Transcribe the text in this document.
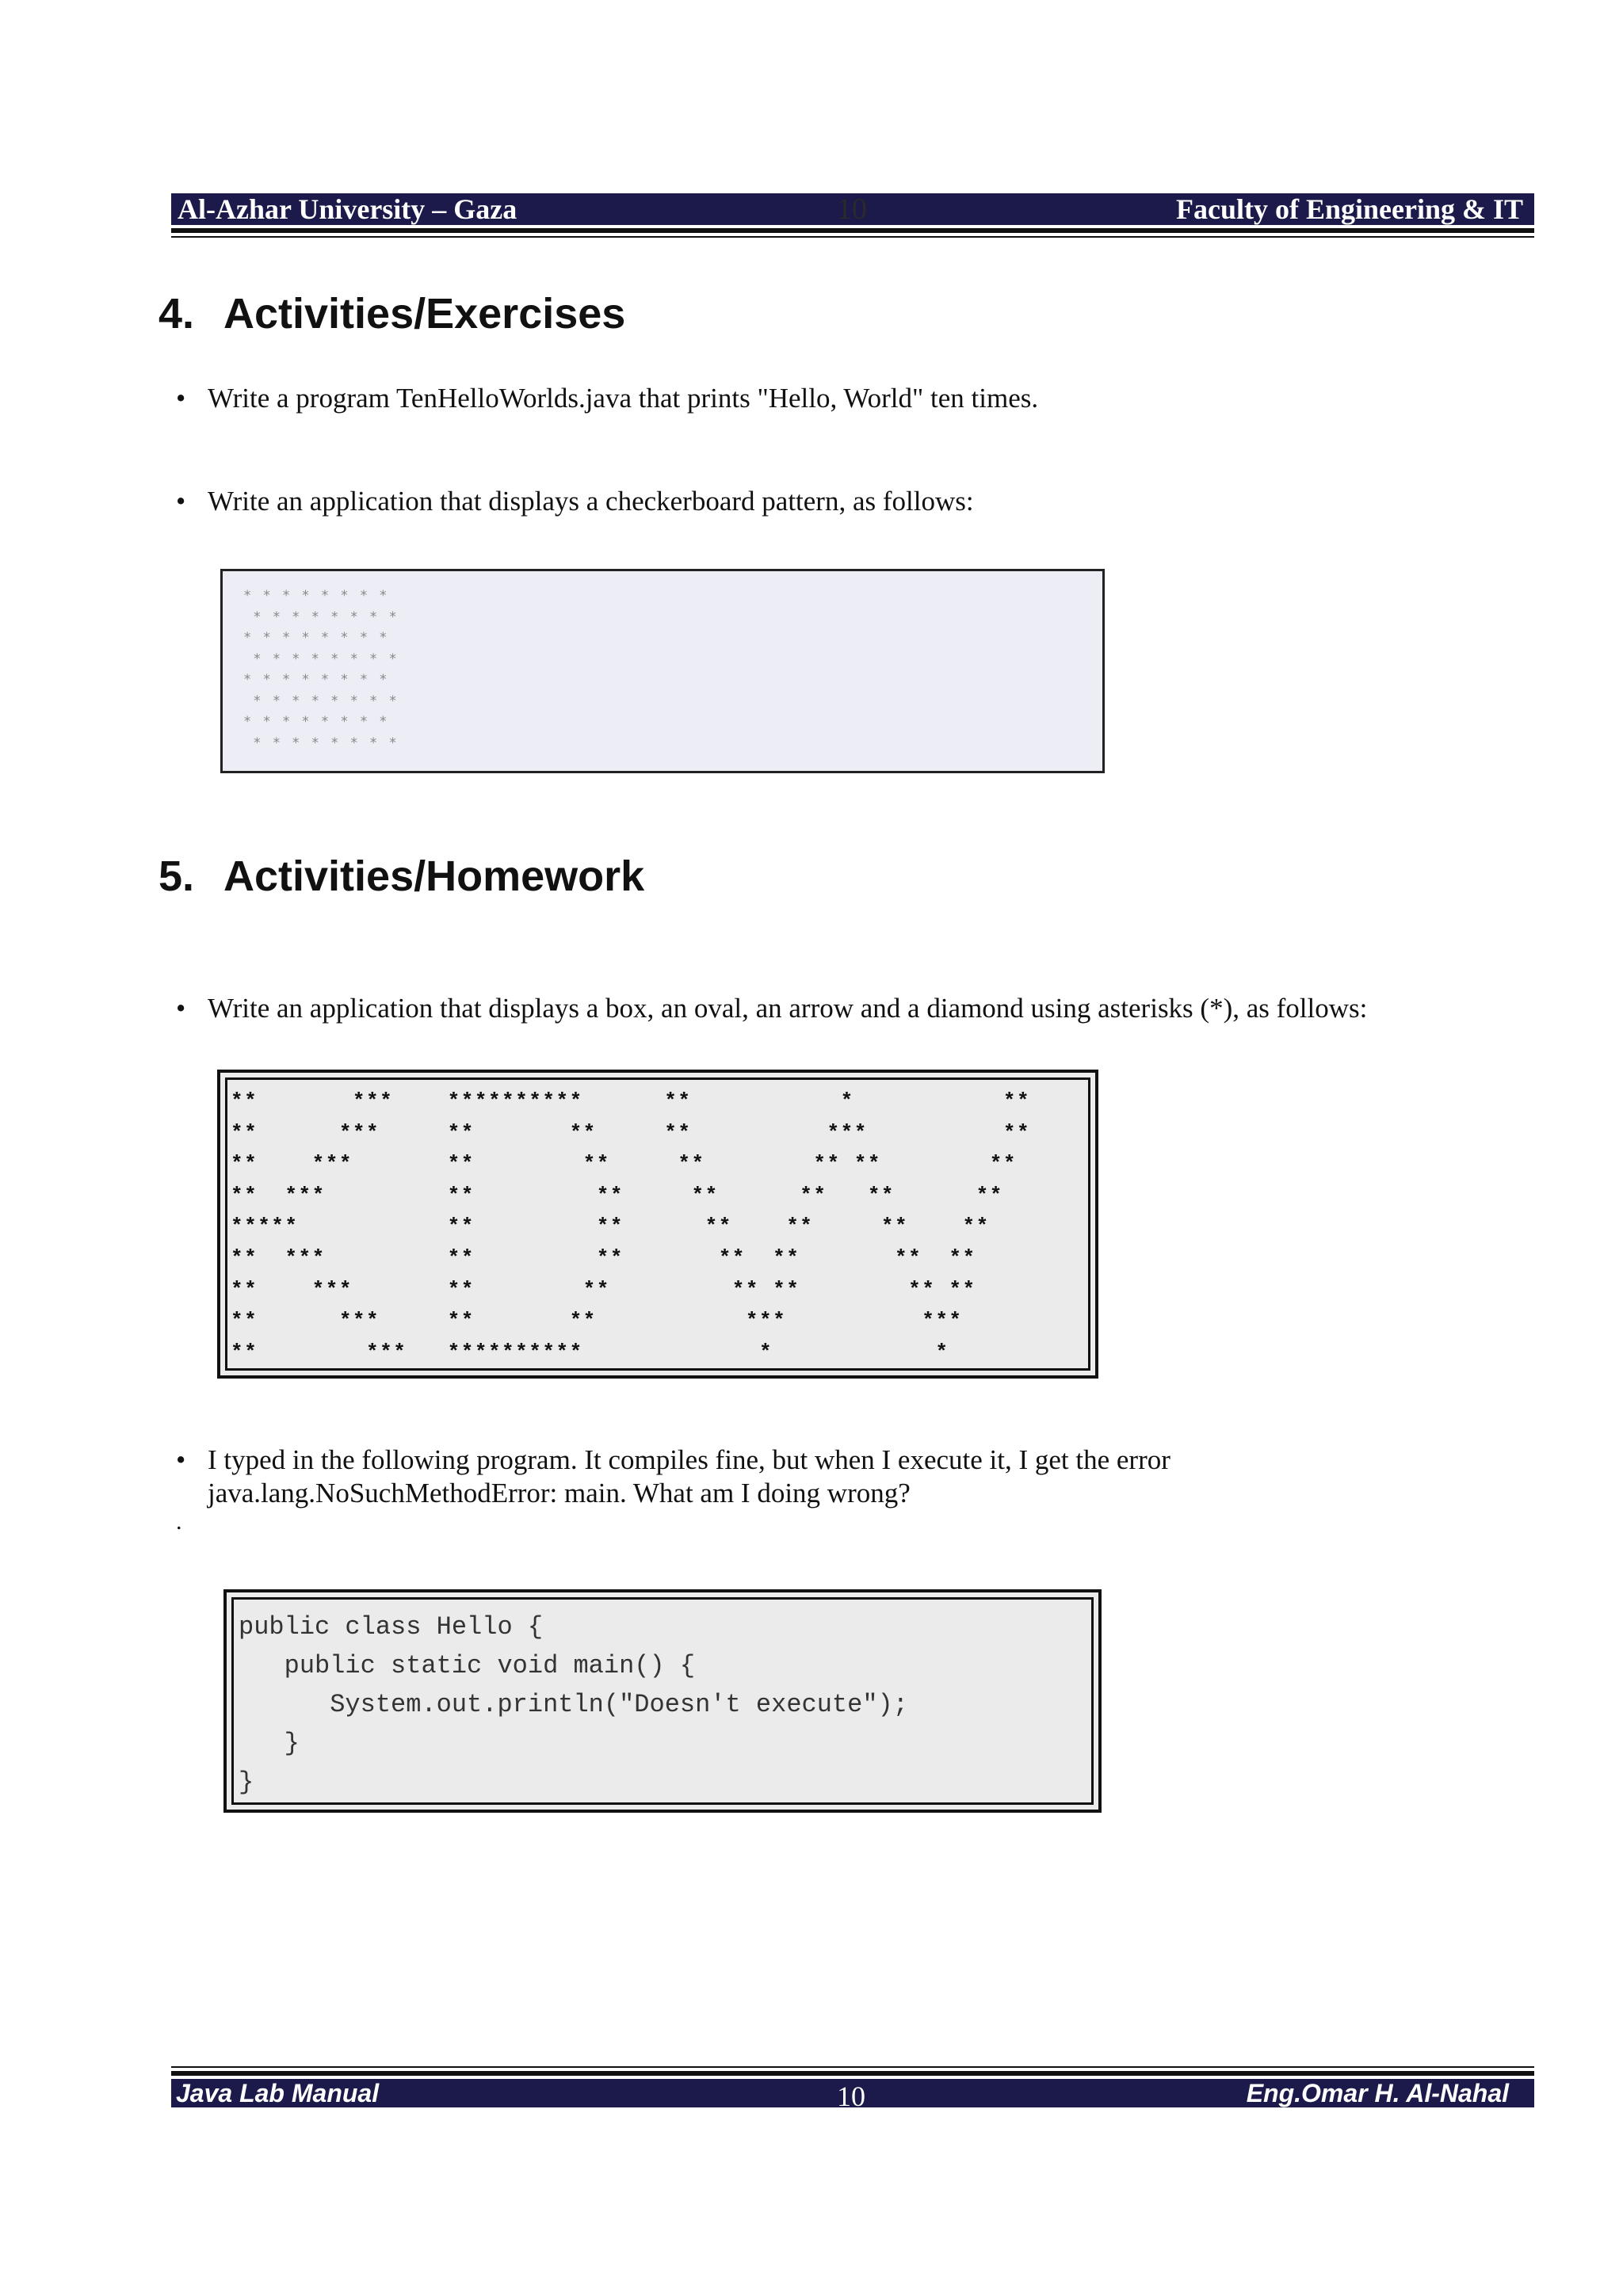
Al-Azhar University – Gaza	10	Faculty of Engineering & IT
4. Activities/Exercises
• Write a program TenHelloWorlds.java that prints "Hello, World" ten times.
• Write an application that displays a checkerboard pattern, as follows:
* * * * * * * *
* * * * * * * *
* * * * * * * *
* * * * * * * *
* * * * * * * *
* * * * * * * *
* * * * * * * *
* * * * * * * *
5. Activities/Homework
• Write an application that displays a box, an oval, an arrow and a diamond using asterisks (*), as follows:
**       ***    **********      **           *           **
**      ***     **       **     **          ***          **
**    ***       **        **     **        ** **        **
**  ***         **         **     **      **   **      **
*****           **         **      **    **     **    **
**  ***         **         **       **  **       **  **
**    ***       **        **         ** **        ** **
**      ***     **       **           ***          ***
**        ***   **********             *            *
• I typed in the following program. It compiles fine, but when I execute it, I get the error
java.lang.NoSuchMethodError: main. What am I doing wrong?
.
public class Hello {
public static void main() {
System.out.println("Doesn't execute");
}
}
Java Lab Manual	10	Eng.Omar H. Al-Nahal
